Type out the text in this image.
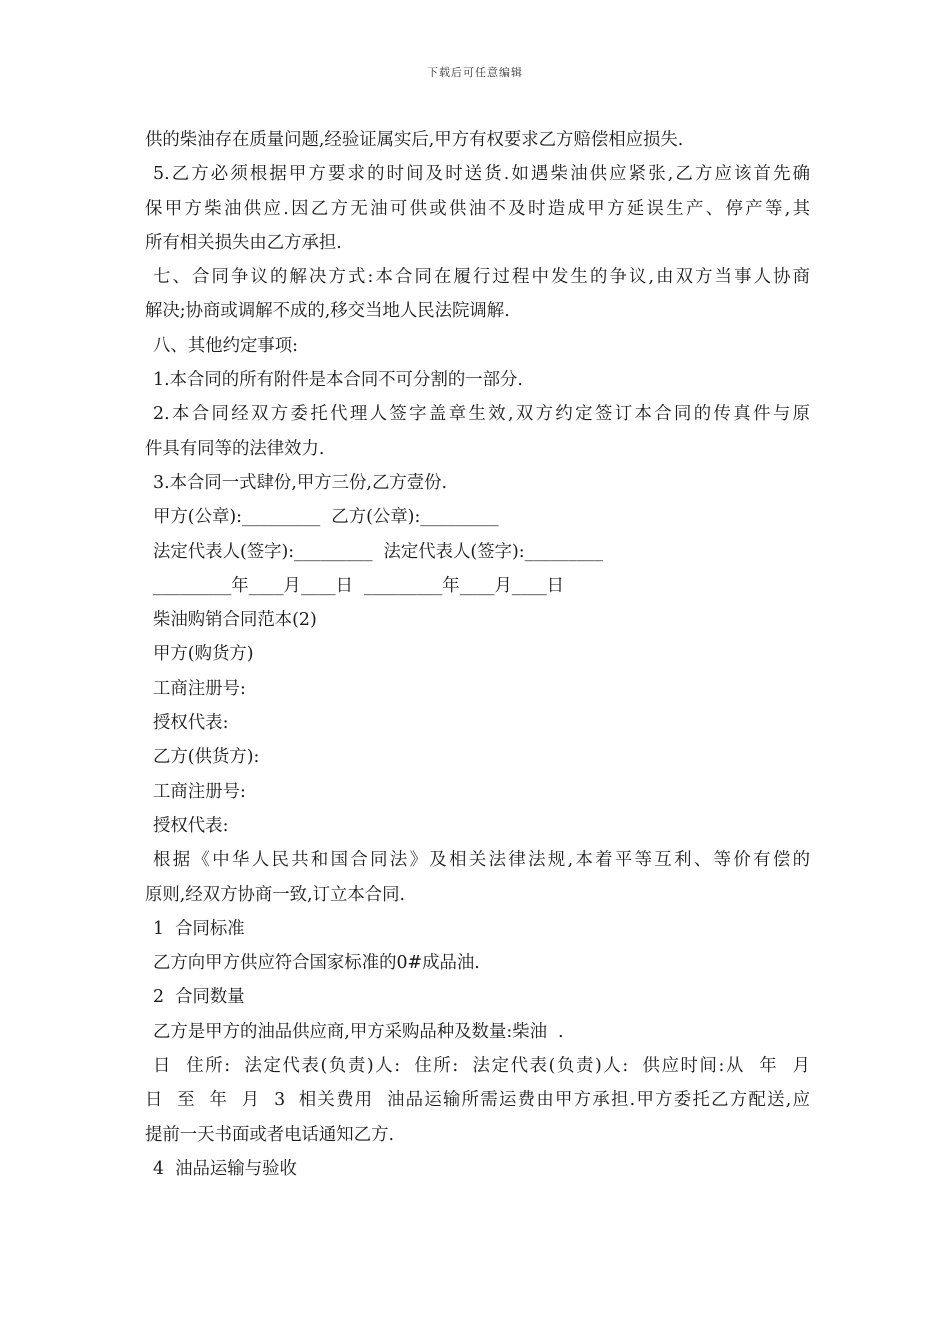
下载后可任意编辑
供的柴油存在质量问题,经验证属实后,甲方有权要求乙方赔偿相应损失.
5.乙方必须根据甲方要求的时间及时送货.如遇柴油供应紧张,乙方应该首先确
保甲方柴油供应.因乙方无油可供或供油不及时造成甲方延误生产、停产等,其
所有相关损失由乙方承担.
七、合同争议的解决方式:本合同在履行过程中发生的争议,由双方当事人协商
解决;协商或调解不成的,移交当地人民法院调解.
八、其他约定事项:
1.本合同的所有附件是本合同不可分割的一部分.
2.本合同经双方委托代理人签字盖章生效,双方约定签订本合同的传真件与原
件具有同等的法律效力.
3.本合同一式肆份,甲方三份,乙方壹份.
甲方(公章):_________  乙方(公章):_________
法定代表人(签字):_________  法定代表人(签字):_________
_________年____月____日  _________年____月____日
柴油购销合同范本(2)
甲方(购货方)
工商注册号:
授权代表:
乙方(供货方):
工商注册号:
授权代表:
根据《中华人民共和国合同法》及相关法律法规,本着平等互利、等价有偿的
原则,经双方协商一致,订立本合同.
1  合同标准
乙方向甲方供应符合国家标准的0#成品油.
2  合同数量
乙方是甲方的油品供应商,甲方采购品种及数量:柴油  .
日  住所:  法定代表(负责)人:  住所:  法定代表(负责)人:  供应时间:从  年  月
日  至  年  月  3  相关费用  油品运输所需运费由甲方承担.甲方委托乙方配送,应
提前一天书面或者电话通知乙方.
4  油品运输与验收
